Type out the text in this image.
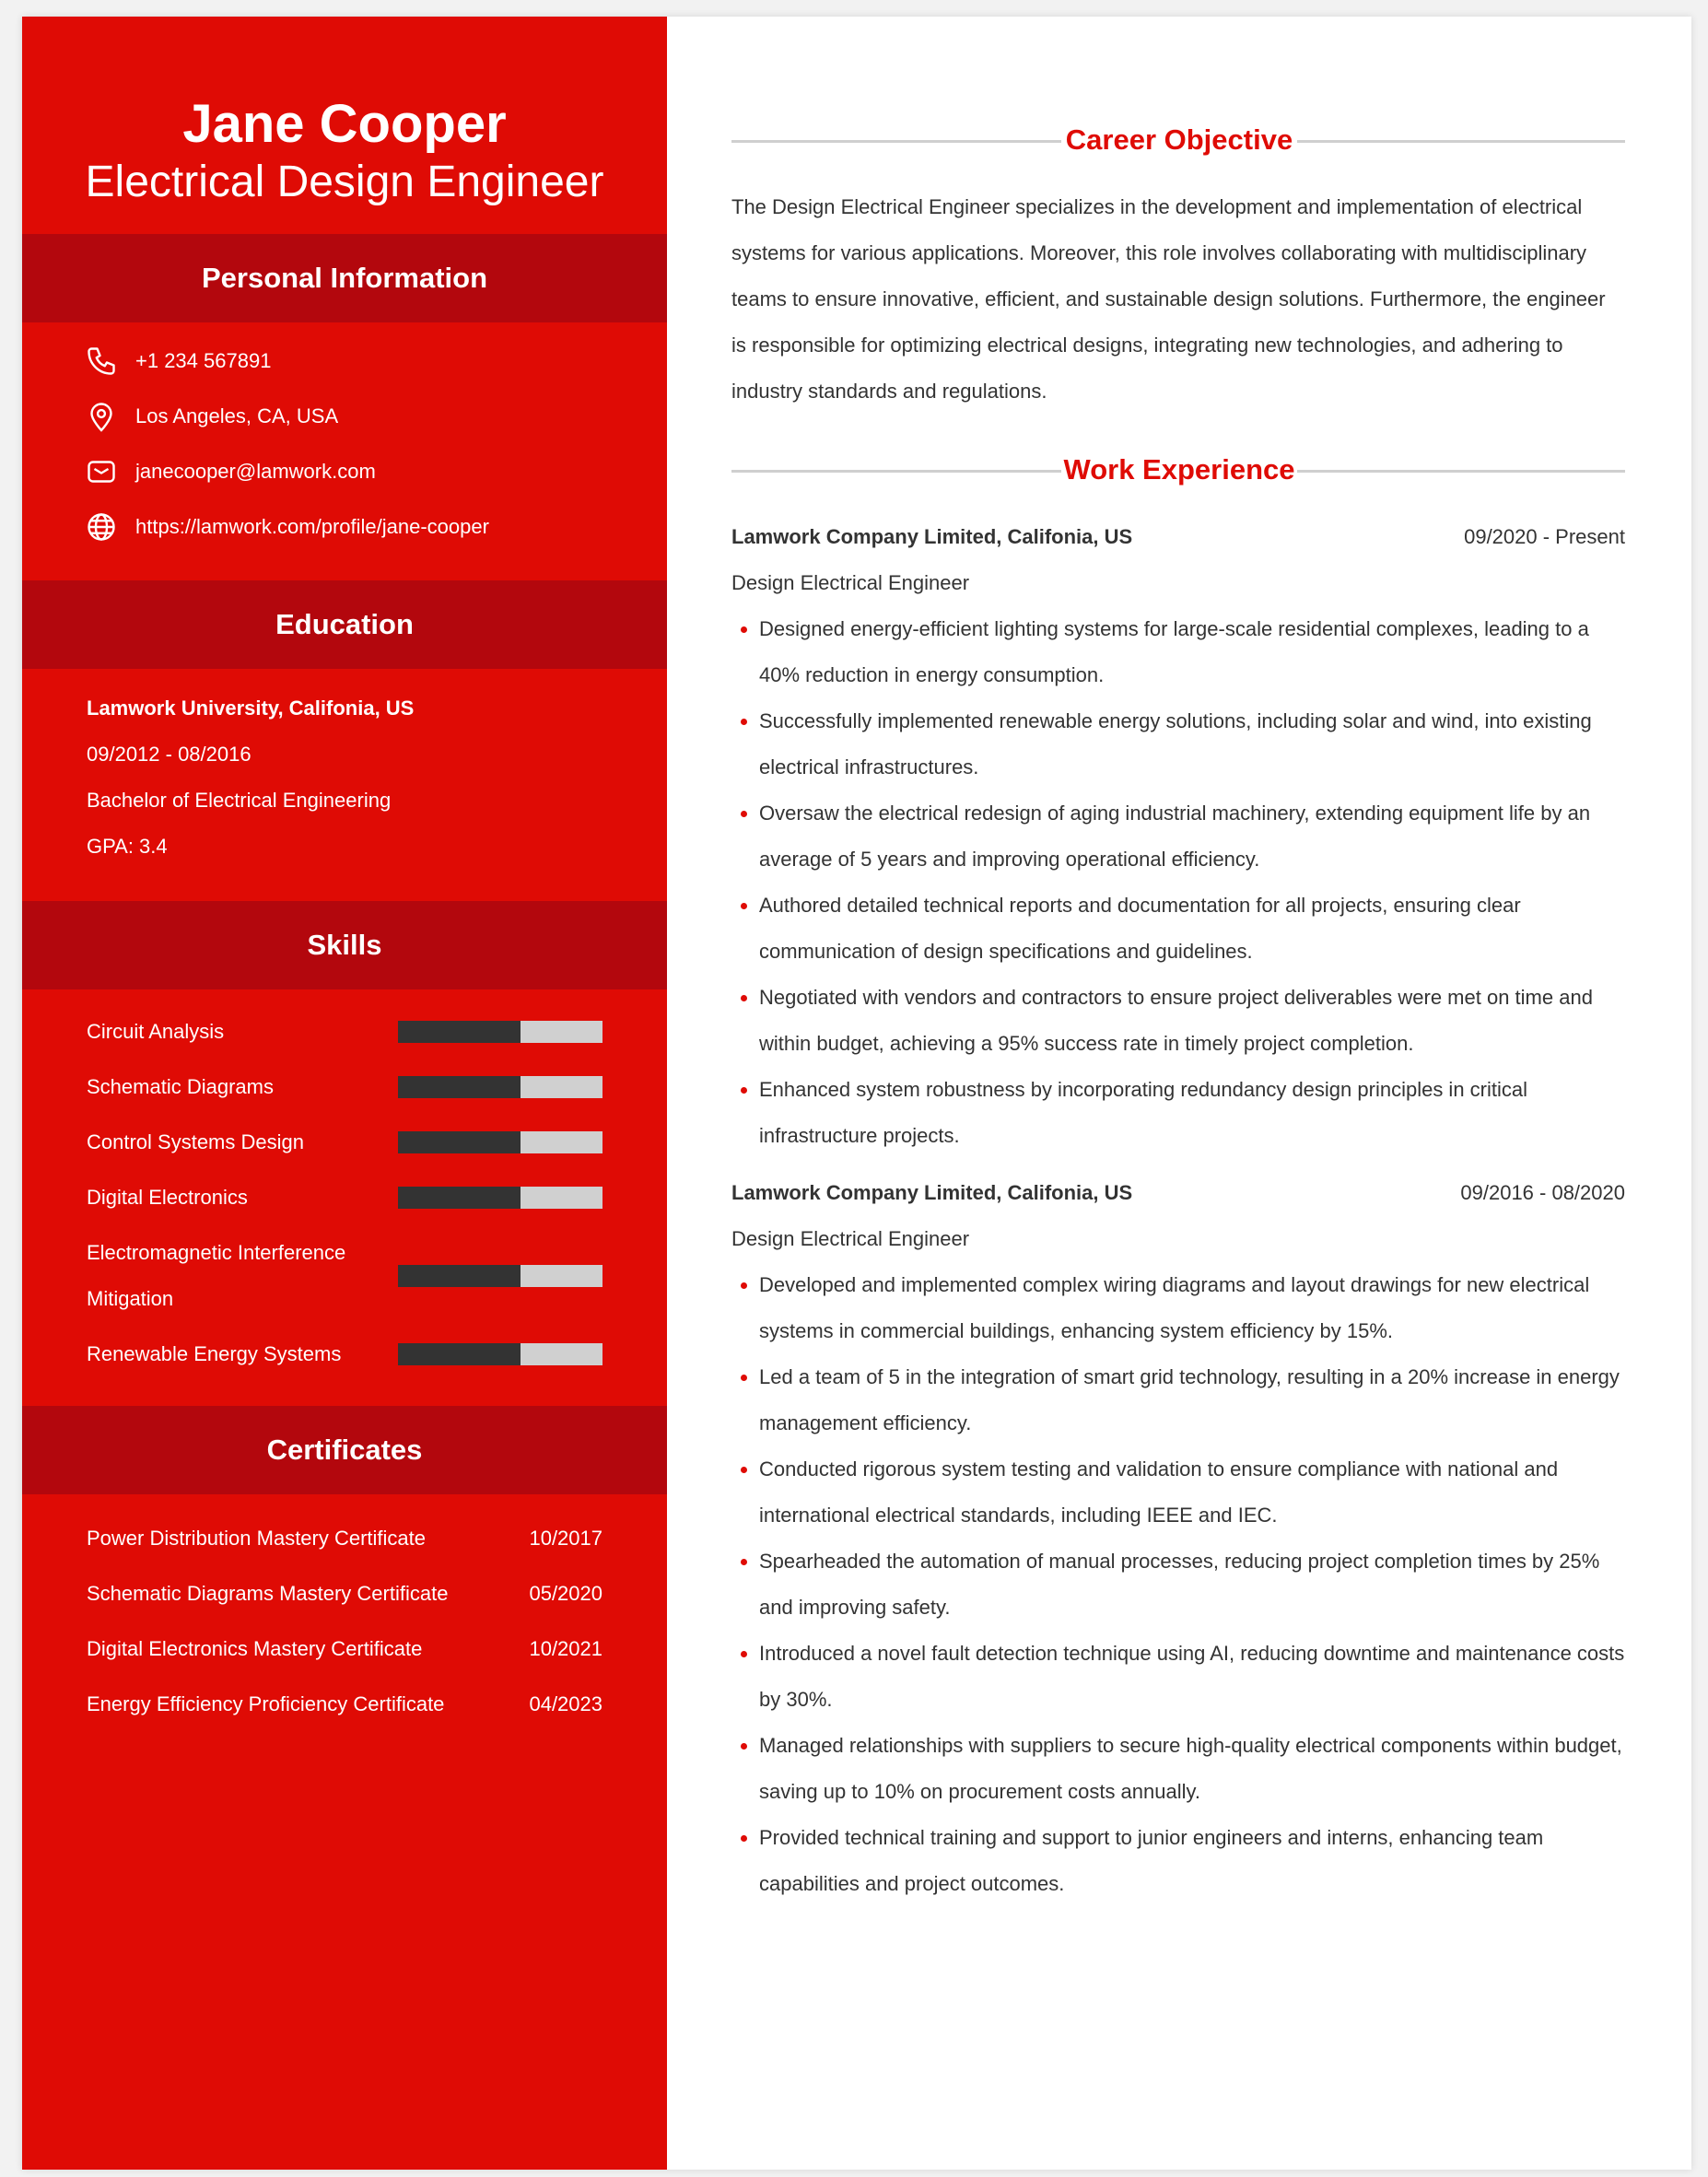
Jane Cooper
Electrical Design Engineer
Personal Information
+1 234 567891
Los Angeles, CA, USA
janecooper@lamwork.com
https://lamwork.com/profile/jane-cooper
Education
Lamwork University, Califonia, US
09/2012 - 08/2016
Bachelor of Electrical Engineering
GPA: 3.4
Skills
Circuit Analysis
Schematic Diagrams
Control Systems Design
Digital Electronics
Electromagnetic Interference Mitigation
Renewable Energy Systems
Certificates
Power Distribution Mastery Certificate	10/2017
Schematic Diagrams Mastery Certificate	05/2020
Digital Electronics Mastery Certificate	10/2021
Energy Efficiency Proficiency Certificate	04/2023
Career Objective

The Design Electrical Engineer specializes in the development and implementation of electrical systems for various applications. Moreover, this role involves collaborating with multidisciplinary teams to ensure innovative, efficient, and sustainable design solutions. Furthermore, the engineer is responsible for optimizing electrical designs, integrating new technologies, and adhering to industry standards and regulations.

Work Experience
Lamwork Company Limited, Califonia, US	09/2020 - Present
Design Electrical Engineer
Designed energy-efficient lighting systems for large-scale residential complexes, leading to a 40% reduction in energy consumption.
Successfully implemented renewable energy solutions, including solar and wind, into existing electrical infrastructures.
Oversaw the electrical redesign of aging industrial machinery, extending equipment life by an average of 5 years and improving operational efficiency.
Authored detailed technical reports and documentation for all projects, ensuring clear communication of design specifications and guidelines.
Negotiated with vendors and contractors to ensure project deliverables were met on time and within budget, achieving a 95% success rate in timely project completion.
Enhanced system robustness by incorporating redundancy design principles in critical infrastructure projects.
Lamwork Company Limited, Califonia, US	09/2016 - 08/2020
Design Electrical Engineer
Developed and implemented complex wiring diagrams and layout drawings for new electrical systems in commercial buildings, enhancing system efficiency by 15%.
Led a team of 5 in the integration of smart grid technology, resulting in a 20% increase in energy management efficiency.
Conducted rigorous system testing and validation to ensure compliance with national and international electrical standards, including IEEE and IEC.
Spearheaded the automation of manual processes, reducing project completion times by 25% and improving safety.
Introduced a novel fault detection technique using AI, reducing downtime and maintenance costs by 30%.
Managed relationships with suppliers to secure high-quality electrical components within budget, saving up to 10% on procurement costs annually.
Provided technical training and support to junior engineers and interns, enhancing team capabilities and project outcomes.
